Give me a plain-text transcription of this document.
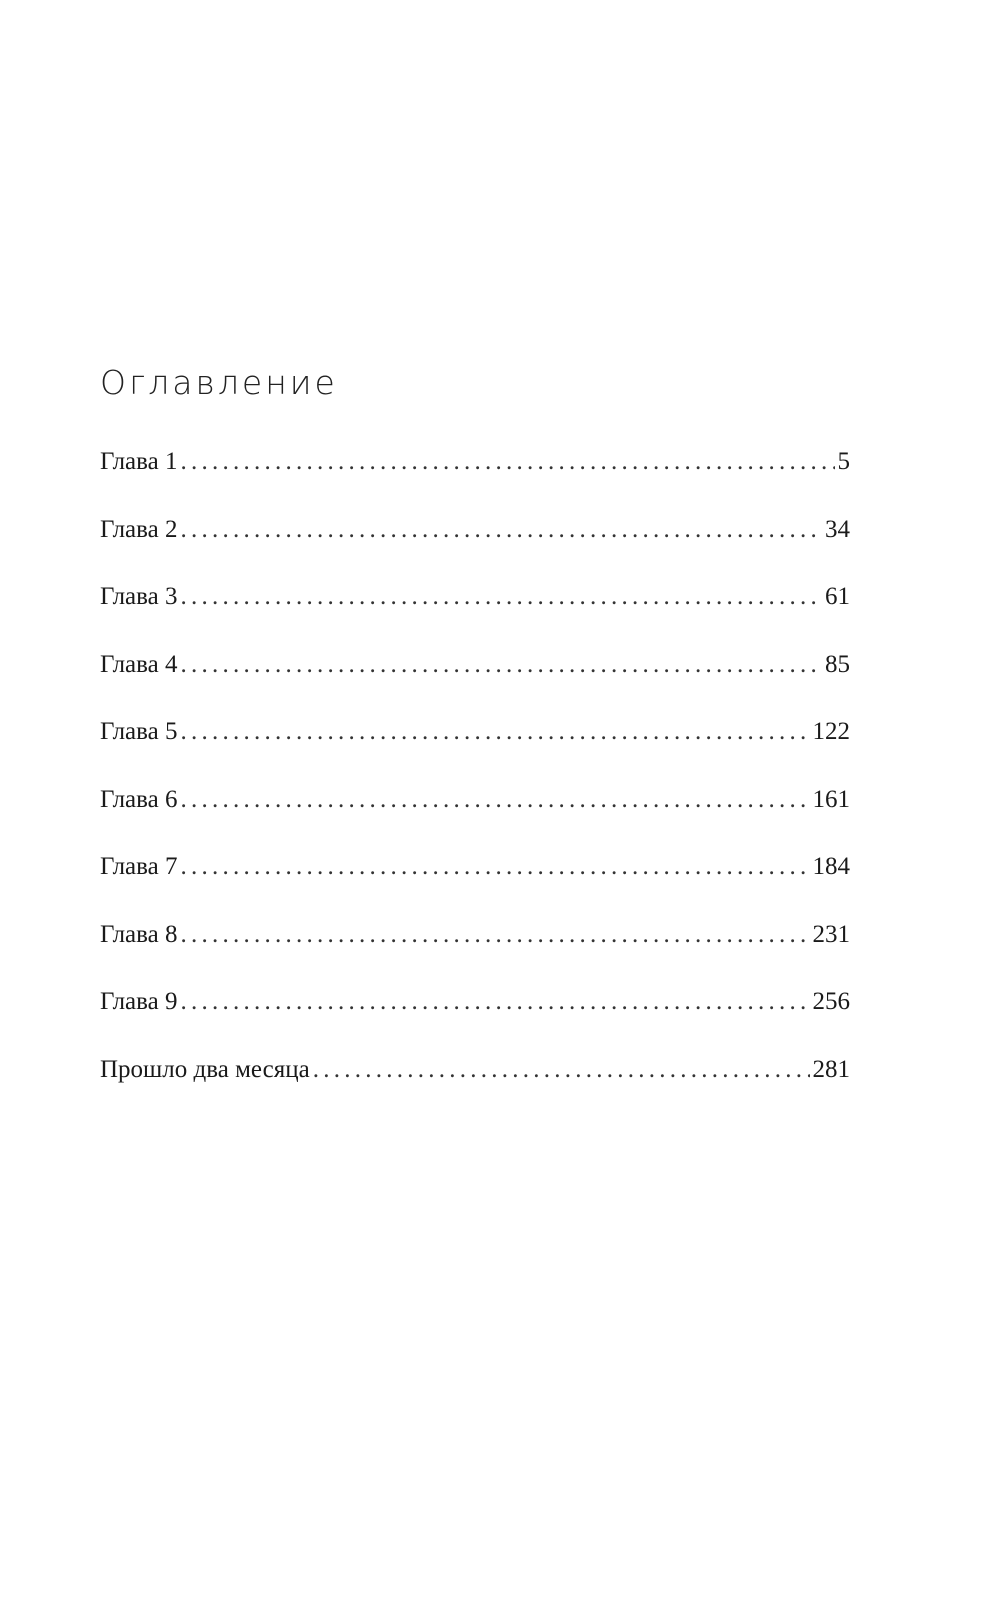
Оглавление
Глава 1 . . .	5
Глава 2 . . .	34
Глава 3 . . .	61
Глава 4 . . .	85
Глава 5 . . .	122
Глава 6 . . .	161
Глава 7 . . .	184
Глава 8 . . .	231
Глава 9 . . .	256
Прошло два месяца . . .	281
